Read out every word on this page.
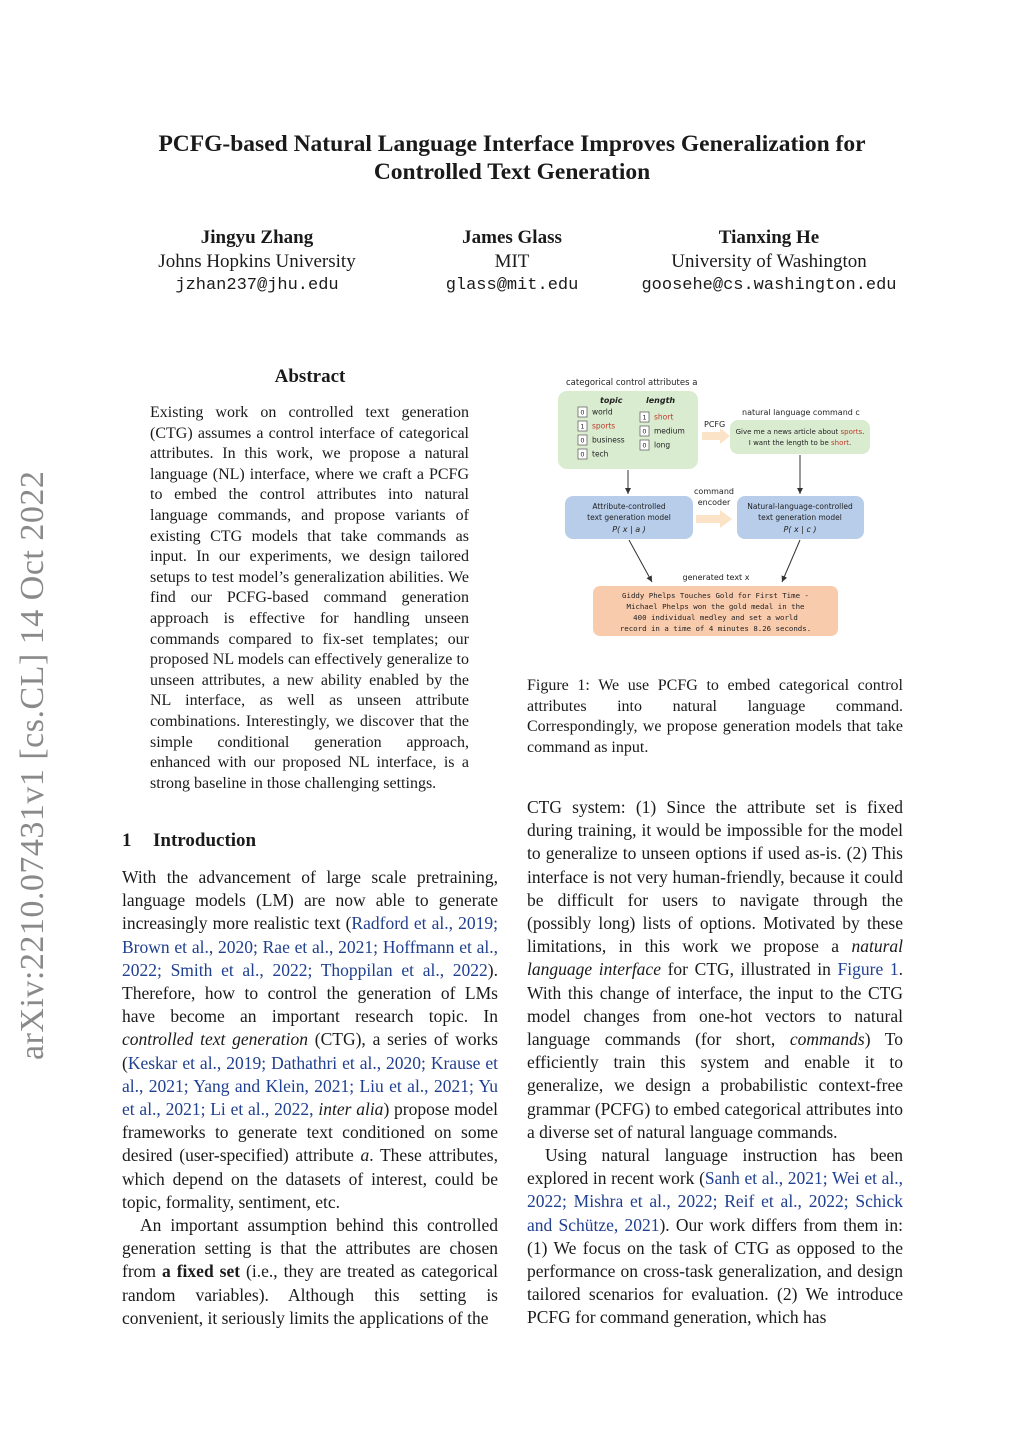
arXiv:2210.07431v1 [cs.CL] 14 Oct 2022
PCFG-based Natural Language Interface Improves Generalization for
Controlled Text Generation
Jingyu Zhang
Johns Hopkins University
jzhan237@jhu.edu
James Glass
MIT
glass@mit.edu
Tianxing He
University of Washington
goosehe@cs.washington.edu
Abstract

Existing work on controlled text generation (CTG) assumes a control interface of categorical attributes. In this work, we propose a natural language (NL) interface, where we craft a PCFG to embed the control attributes into natural language commands, and propose variants of existing CTG models that take commands as input. In our experiments, we design tailored setups to test model’s generalization abilities. We find our PCFG-based command generation approach is effective for handling unseen commands compared to fix-set templates; our proposed NL models can effectively generalize to unseen attributes, a new ability enabled by the NL interface, as well as unseen attribute combinations. Interestingly, we discover that the simple conditional generation approach, enhanced with our proposed NL interface, is a strong baseline in those challenging settings.

1 Introduction

With the advancement of large scale pretraining, language models (LM) are now able to generate increasingly more realistic text (Radford et al., 2019; Brown et al., 2020; Rae et al., 2021; Hoffmann et al., 2022; Smith et al., 2022; Thoppilan et al., 2022). Therefore, how to control the generation of LMs have become an important research topic. In controlled text generation (CTG), a series of works (Keskar et al., 2019; Dathathri et al., 2020; Krause et al., 2021; Yang and Klein, 2021; Liu et al., 2021; Yu et al., 2021; Li et al., 2022, inter alia) propose model frameworks to generate text conditioned on some desired (user-specified) attribute a. These attributes, which depend on the datasets of interest, could be topic, formality, sentiment, etc.

An important assumption behind this controlled generation setting is that the attributes are chosen from a fixed set (i.e., they are treated as categorical random variables). Although this setting is convenient, it seriously limits the applications of the

categorical control attributes a
topic	length
0 world
1 sports
0 business
0 tech
1 short
0 medium
0 long
PCFG
natural language command c
Give me a news article about sports.
I want the length to be short.
command
encoder
Attribute-controlled
text generation model
P( x | a )
Natural-language-controlled
text generation model
P( x | c )
generated text x
Giddy Phelps Touches Gold for First Time -
Michael Phelps won the gold medal in the
400 individual medley and set a world
record in a time of 4 minutes 8.26 seconds.

Figure 1: We use PCFG to embed categorical control attributes into natural language command. Correspondingly, we propose generation models that take command as input.

CTG system: (1) Since the attribute set is fixed during training, it would be impossible for the model to generalize to unseen options if used as-is. (2) This interface is not very human-friendly, because it could be difficult for users to navigate through the (possibly long) lists of options. Motivated by these limitations, in this work we propose a natural language interface for CTG, illustrated in Figure 1. With this change of interface, the input to the CTG model changes from one-hot vectors to natural language commands (for short, commands) To efficiently train this system and enable it to generalize, we design a probabilistic context-free grammar (PCFG) to embed categorical attributes into a diverse set of natural language commands.

Using natural language instruction has been explored in recent work (Sanh et al., 2021; Wei et al., 2022; Mishra et al., 2022; Reif et al., 2022; Schick and Schütze, 2021). Our work differs from them in: (1) We focus on the task of CTG as opposed to the performance on cross-task generalization, and design tailored scenarios for evaluation. (2) We introduce PCFG for command generation, which has
